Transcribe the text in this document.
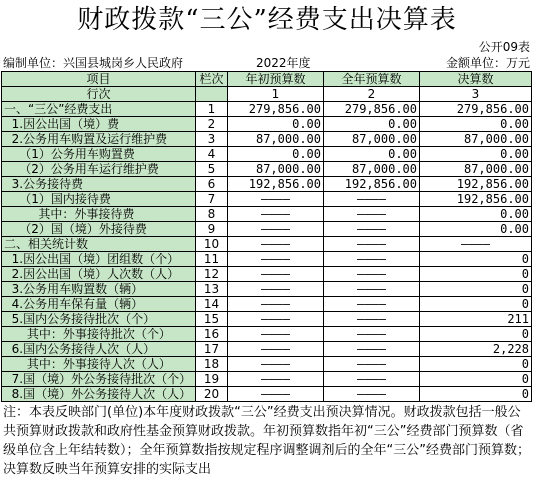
财政拨款“三公”经费支出决算表
公开09表
编制单位：兴国县城岗乡人民政府	2022年度	金额单位：万元
项目	栏次	年初预算数	全年预算数	决算数
行次		1	2	3
一、“三公”经费支出	1	279,856.00	279,856.00	279,856.00
1.因公出国（境）费	2	0.00	0.00	0.00
2.公务用车购置及运行维护费	3	87,000.00	87,000.00	87,000.00
（1）公务用车购置费	4	0.00	0.00	0.00
（2）公务用车运行维护费	5	87,000.00	87,000.00	87,000.00
3.公务接待费	6	192,856.00	192,856.00	192,856.00
（1）国内接待费	7	————	————	192,856.00
其中：外事接待费	8	————	————	0.00
（2）国（境）外接待费	9	————	————	0.00
二、相关统计数	10	————	————	————
1.因公出国（境）团组数（个）	11	————	————	0
2.因公出国（境）人次数（人）	12	————	————	0
3.公务用车购置数（辆）	13	————	————	0
4.公务用车保有量（辆）	14	————	————	0
5.国内公务接待批次（个）	15	————	————	211
其中：外事接待批次（个）	16	————	————	0
6.国内公务接待人次（人）	17	————	————	2,228
其中：外事接待人次（人）	18	————	————	0
7.国（境）外公务接待批次（个）	19	————	————	0
8.国（境）外公务接待人次（人）	20	————	————	0
注：本表反映部门(单位)本年度财政拨款“三公”经费支出预决算情况。财政拨款包括一般公共预算财政拨款和政府性基金预算财政拨款。年初预算数指年初“三公”经费部门预算数（省级单位含上年结转数）；全年预算数指按规定程序调整调剂后的全年“三公”经费部门预算数；决算数反映当年预算安排的实际支出
